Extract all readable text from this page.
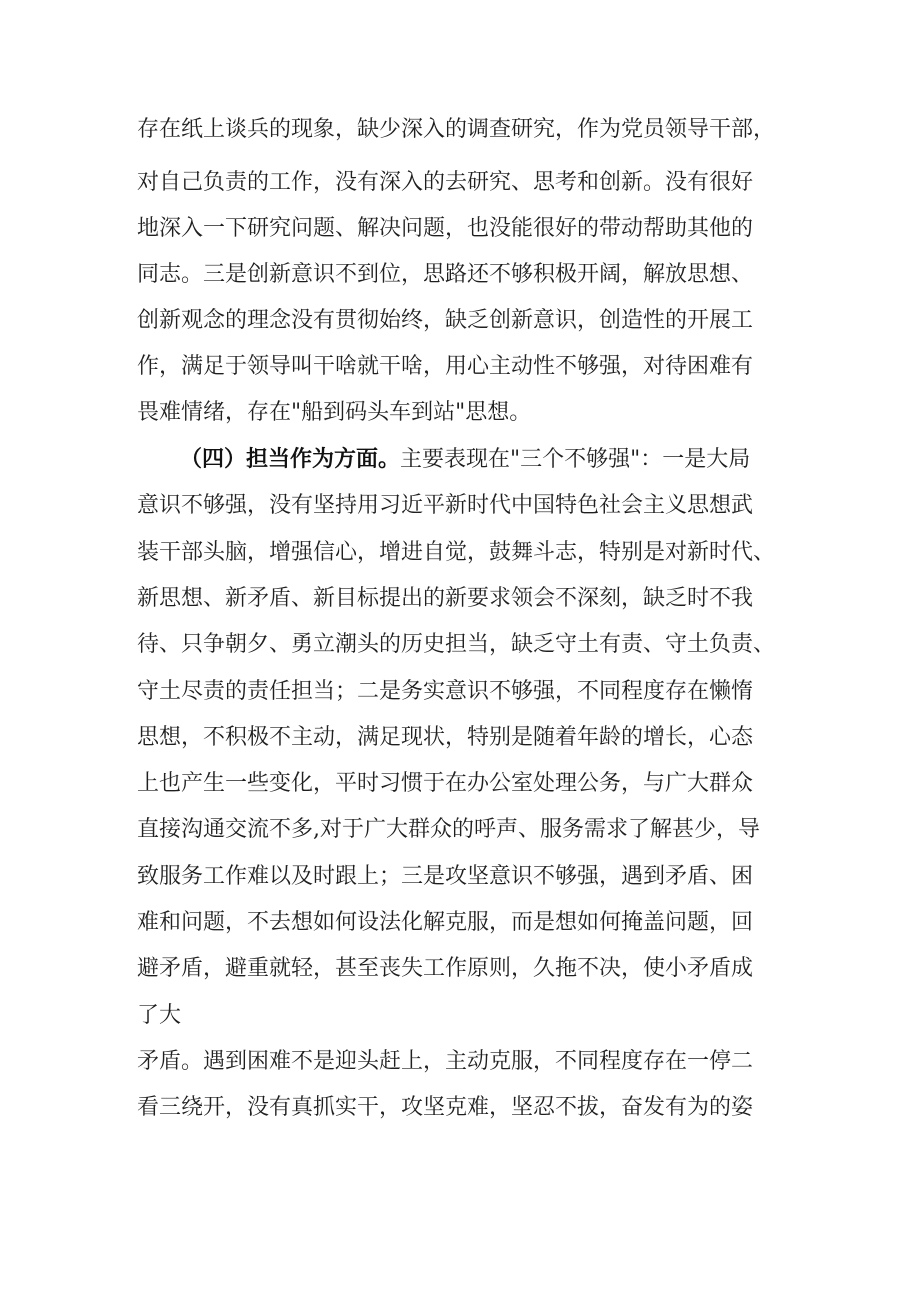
存在纸上谈兵的现象，缺少深入的调查研究，作为党员领导干部，

对自己负责的工作，没有深入的去研究、思考和创新。没有很好

地深入一下研究问题、解决问题，也没能很好的带动帮助其他的

同志。三是创新意识不到位，思路还不够积极开阔，解放思想、

创新观念的理念没有贯彻始终，缺乏创新意识，创造性的开展工

作，满足于领导叫干啥就干啥，用心主动性不够强，对待困难有

畏难情绪，存在"船到码头车到站"思想。

（四）担当作为方面。主要表现在"三个不够强"：一是大局

意识不够强，没有坚持用习近平新时代中国特色社会主义思想武

装干部头脑，增强信心，增进自觉，鼓舞斗志，特别是对新时代、

新思想、新矛盾、新目标提出的新要求领会不深刻，缺乏时不我

待、只争朝夕、勇立潮头的历史担当，缺乏守土有责、守土负责、

守土尽责的责任担当；二是务实意识不够强，不同程度存在懒惰

思想，不积极不主动，满足现状，特别是随着年龄的增长，心态

上也产生一些变化，平时习惯于在办公室处理公务，与广大群众

直接沟通交流不多,对于广大群众的呼声、服务需求了解甚少，导

致服务工作难以及时跟上；三是攻坚意识不够强，遇到矛盾、困

难和问题，不去想如何设法化解克服，而是想如何掩盖问题，回

避矛盾，避重就轻，甚至丧失工作原则，久拖不决，使小矛盾成

了大

矛盾。遇到困难不是迎头赶上，主动克服，不同程度存在一停二

看三绕开，没有真抓实干，攻坚克难，坚忍不拔，奋发有为的姿
